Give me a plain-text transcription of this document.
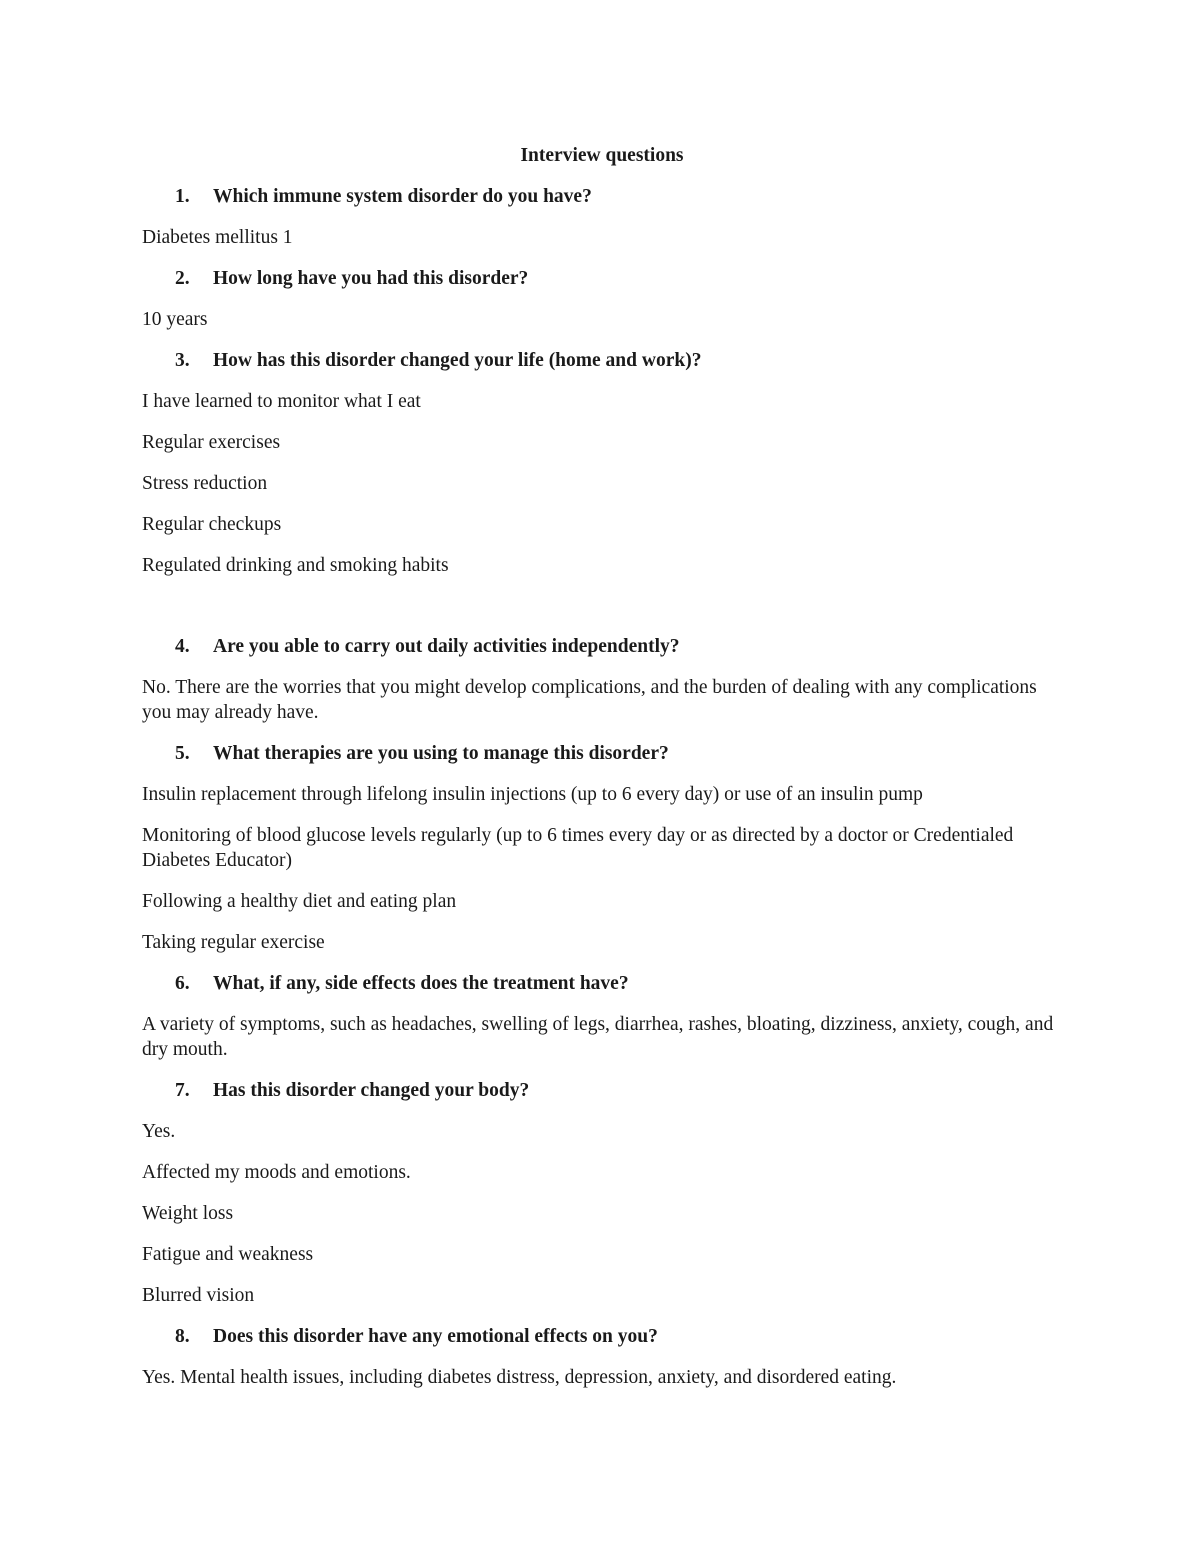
Interview questions
1.	Which immune system disorder do you have?
Diabetes mellitus 1
2.	How long have you had this disorder?
10 years
3.	How has this disorder changed your life (home and work)?
I have learned to monitor what I eat
Regular exercises
Stress reduction
Regular checkups
Regulated drinking and smoking habits
4.	Are you able to carry out daily activities independently?
No. There are the worries that you might develop complications, and the burden of dealing with any complications you may already have.
5.	What therapies are you using to manage this disorder?
Insulin replacement through lifelong insulin injections (up to 6 every day) or use of an insulin pump
Monitoring of blood glucose levels regularly (up to 6 times every day or as directed by a doctor or Credentialed Diabetes Educator)
Following a healthy diet and eating plan
Taking regular exercise
6.	What, if any, side effects does the treatment have?
A variety of symptoms, such as headaches, swelling of legs, diarrhea, rashes, bloating, dizziness, anxiety, cough, and dry mouth.
7.	Has this disorder changed your body?
Yes.
Affected my moods and emotions.
Weight loss
Fatigue and weakness
Blurred vision
8.	Does this disorder have any emotional effects on you?
Yes. Mental health issues, including diabetes distress, depression, anxiety, and disordered eating.
